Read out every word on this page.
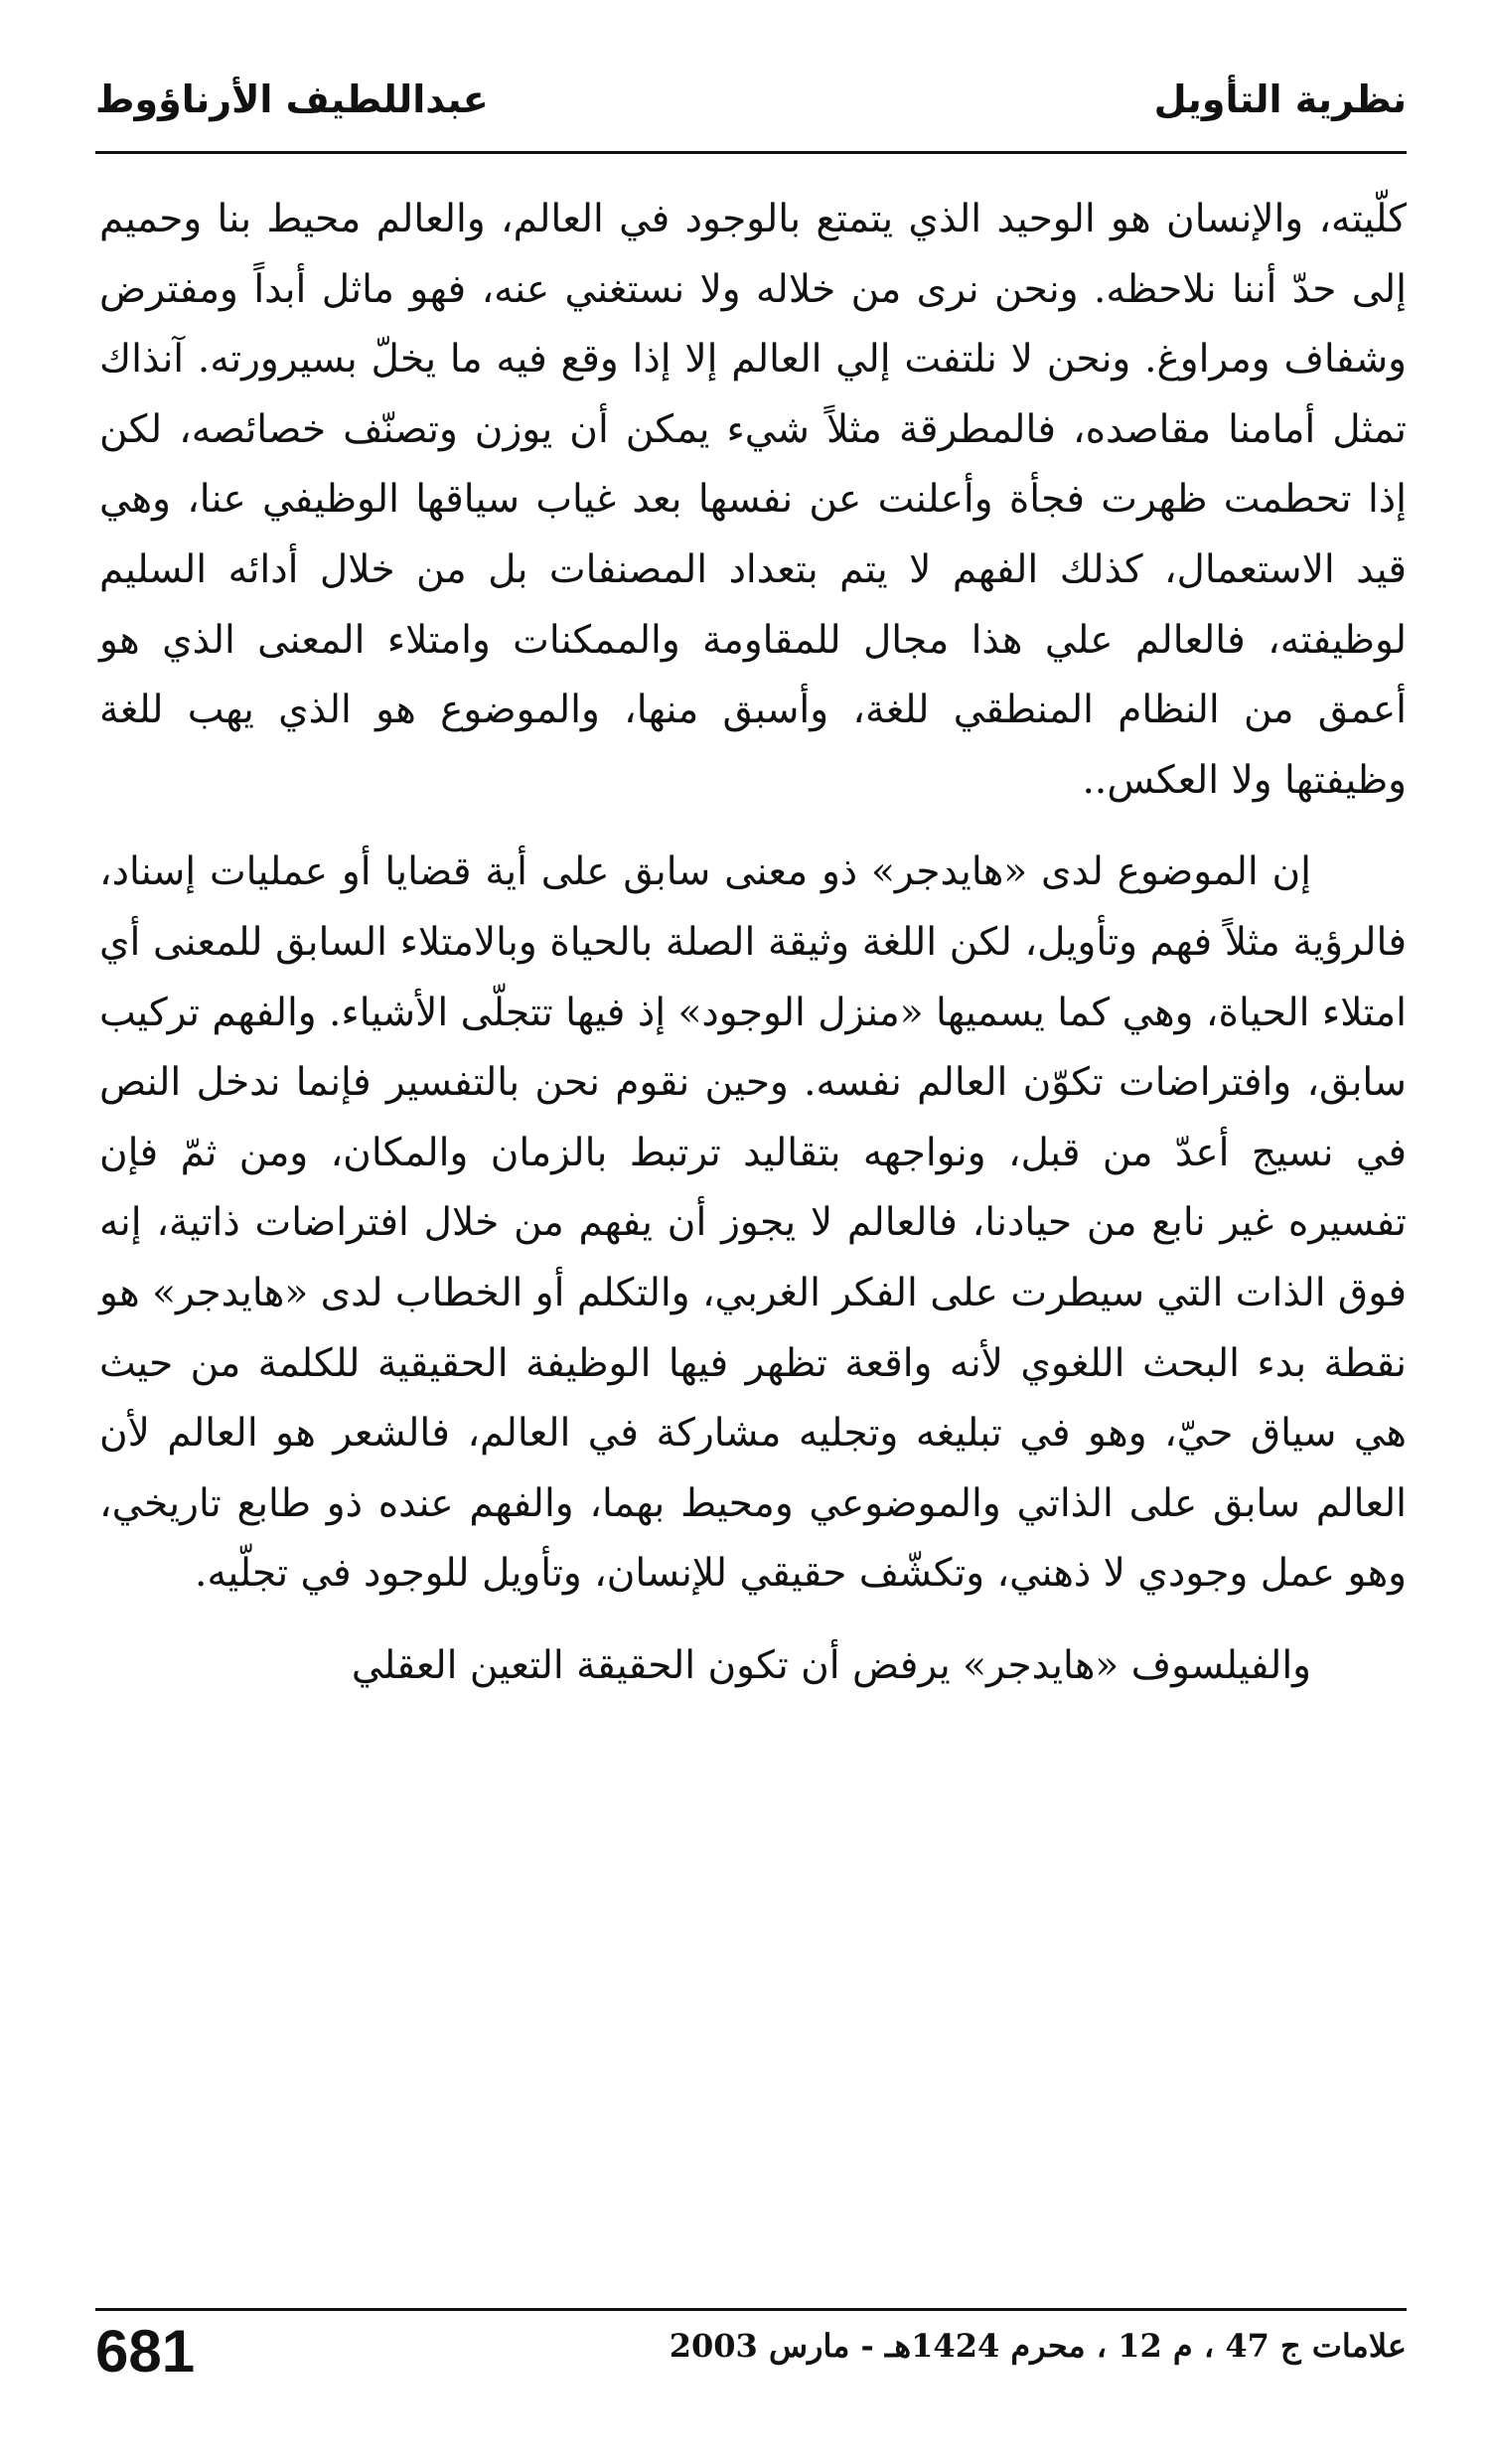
نظرية التأويل
عبداللطيف الأرناؤوط

كلّيته، والإنسان هو الوحيد الذي يتمتع بالوجود في العالم، والعالم محيط بنا وحميم إلى حدّ أننا نلاحظه. ونحن نرى من خلاله ولا نستغني عنه، فهو ماثل أبداً ومفترض وشفاف ومراوغ. ونحن لا نلتفت إلي العالم إلا إذا وقع فيه ما يخلّ بسيرورته. آنذاك تمثل أمامنا مقاصده، فالمطرقة مثلاً شيء يمكن أن يوزن وتصنّف خصائصه، لكن إذا تحطمت ظهرت فجأة وأعلنت عن نفسها بعد غياب سياقها الوظيفي عنا، وهي قيد الاستعمال، كذلك الفهم لا يتم بتعداد المصنفات بل من خلال أدائه السليم لوظيفته، فالعالم علي هذا مجال للمقاومة والممكنات وامتلاء المعنى الذي هو أعمق من النظام المنطقي للغة، وأسبق منها، والموضوع هو الذي يهب للغة وظيفتها ولا العكس..

إن الموضوع لدى «هايدجر» ذو معنى سابق على أية قضايا أو عمليات إسناد، فالرؤية مثلاً فهم وتأويل، لكن اللغة وثيقة الصلة بالحياة وبالامتلاء السابق للمعنى أي امتلاء الحياة، وهي كما يسميها «منزل الوجود» إذ فيها تتجلّى الأشياء. والفهم تركيب سابق، وافتراضات تكوّن العالم نفسه. وحين نقوم نحن بالتفسير فإنما ندخل النص في نسيج أعدّ من قبل، ونواجهه بتقاليد ترتبط بالزمان والمكان، ومن ثمّ فإن تفسيره غير نابع من حيادنا، فالعالم لا يجوز أن يفهم من خلال افتراضات ذاتية، إنه فوق الذات التي سيطرت على الفكر الغربي، والتكلم أو الخطاب لدى «هايدجر» هو نقطة بدء البحث اللغوي لأنه واقعة تظهر فيها الوظيفة الحقيقية للكلمة من حيث هي سياق حيّ، وهو في تبليغه وتجليه مشاركة في العالم، فالشعر هو العالم لأن العالم سابق على الذاتي والموضوعي ومحيط بهما، والفهم عنده ذو طابع تاريخي، وهو عمل وجودي لا ذهني، وتكشّف حقيقي للإنسان، وتأويل للوجود في تجلّيه.

والفيلسوف «هايدجر» يرفض أن تكون الحقيقة التعين العقلي

علامات ج 47 ، م 12 ، محرم 1424هـ - مارس 2003
681
